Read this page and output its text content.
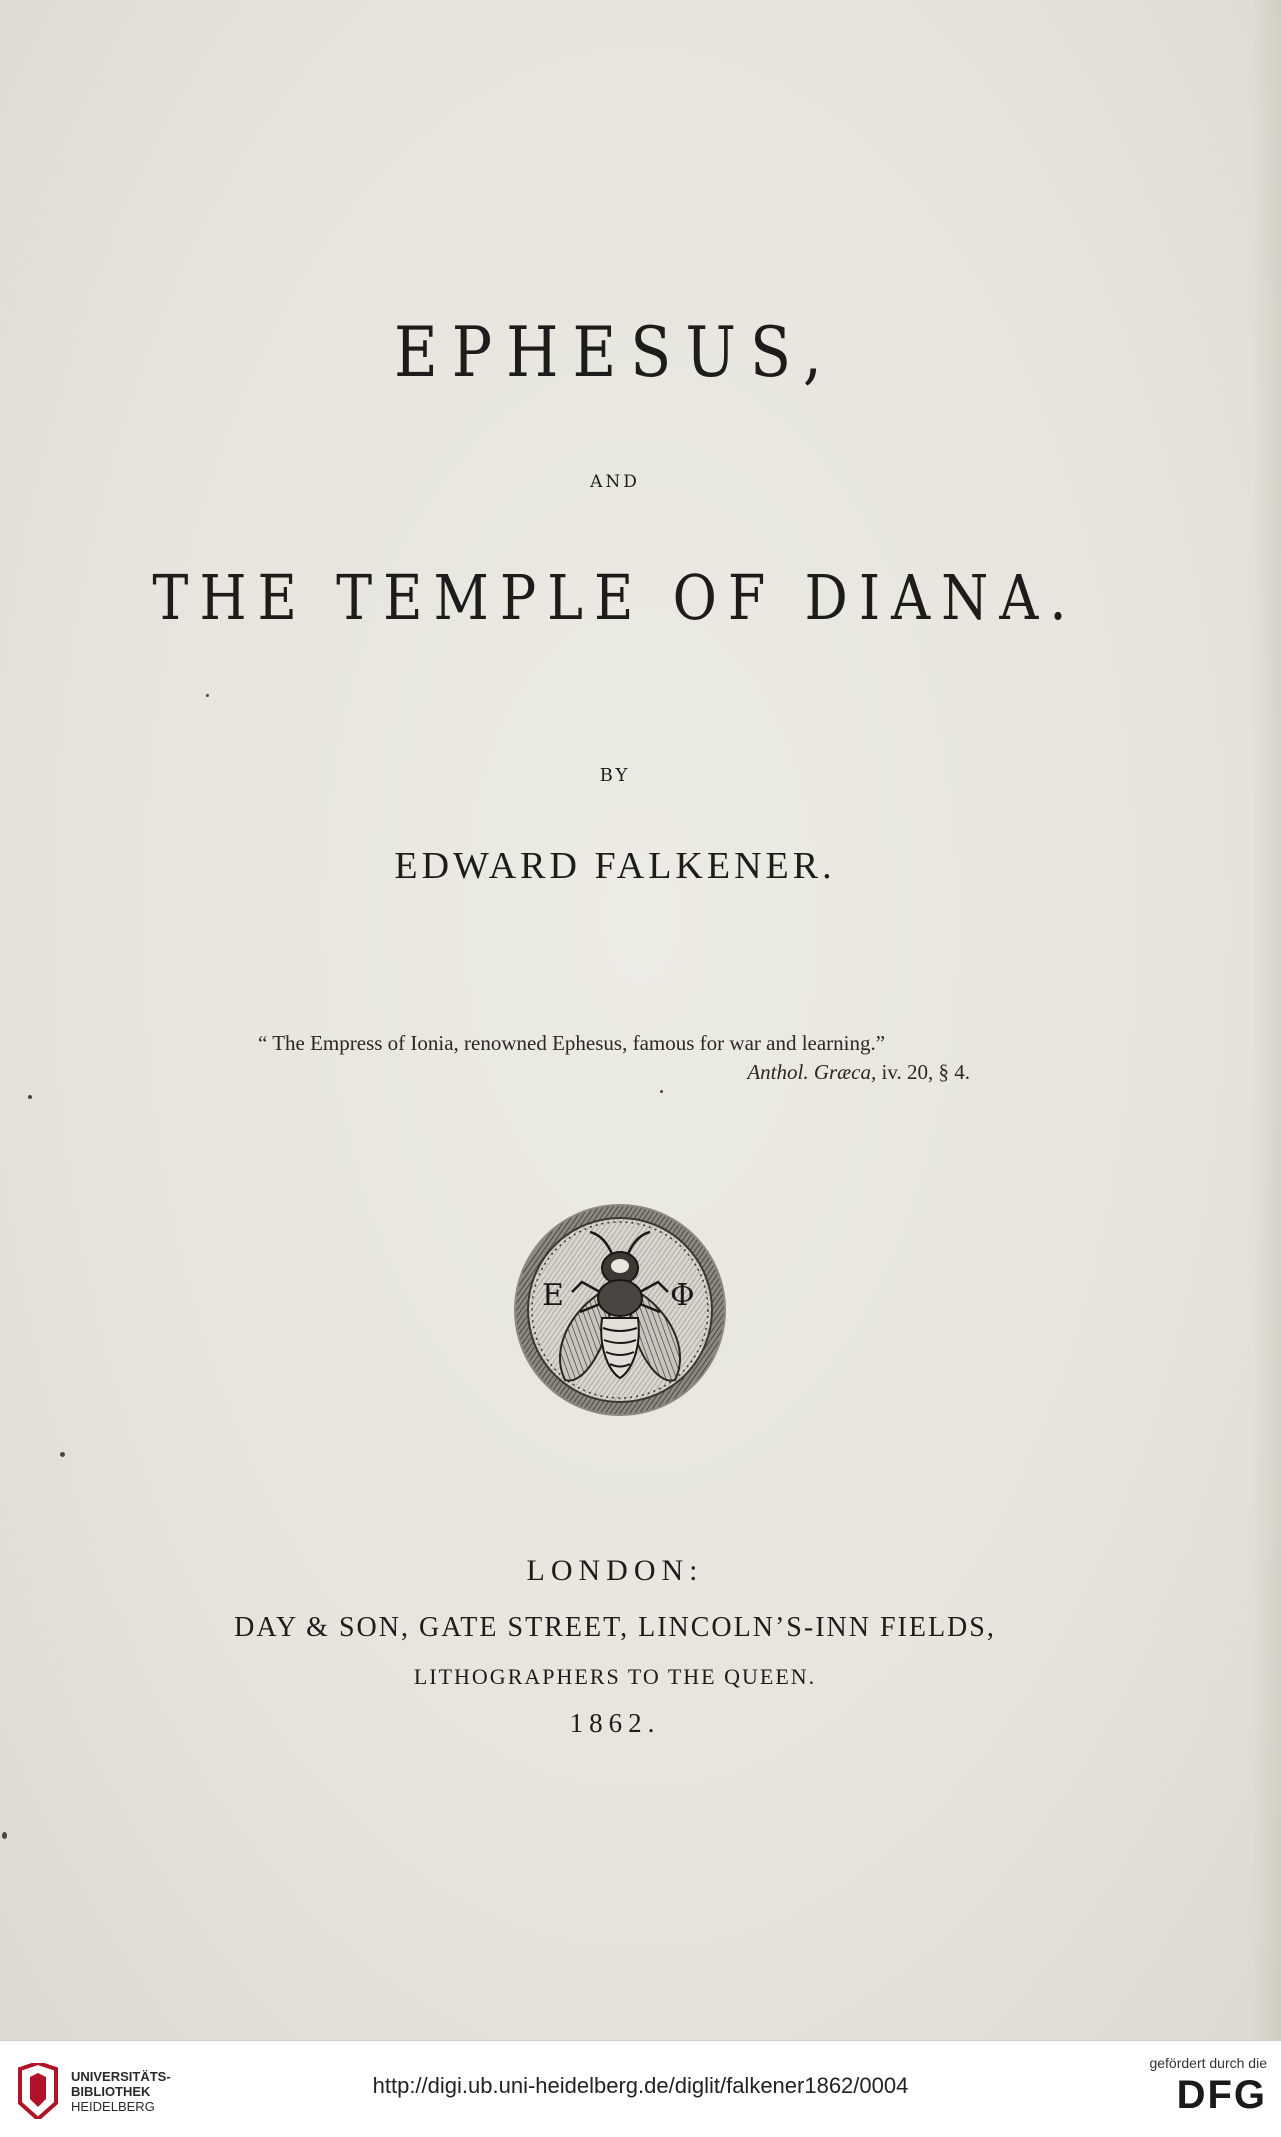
EPHESUS,
AND
THE TEMPLE OF DIANA.
BY
EDWARD FALKENER.
“ The Empress of Ionia, renowned Ephesus, famous for war and learning.”
Anthol. Græca, iv. 20, § 4.
E	Φ
LONDON:
DAY & SON, GATE STREET, LINCOLN’S-INN FIELDS,
LITHOGRAPHERS TO THE QUEEN.
1862.
UNIVERSITÄTS-
BIBLIOTHEK
HEIDELBERG
http://digi.ub.uni-heidelberg.de/diglit/falkener1862/0004
gefördert durch die
DFG
